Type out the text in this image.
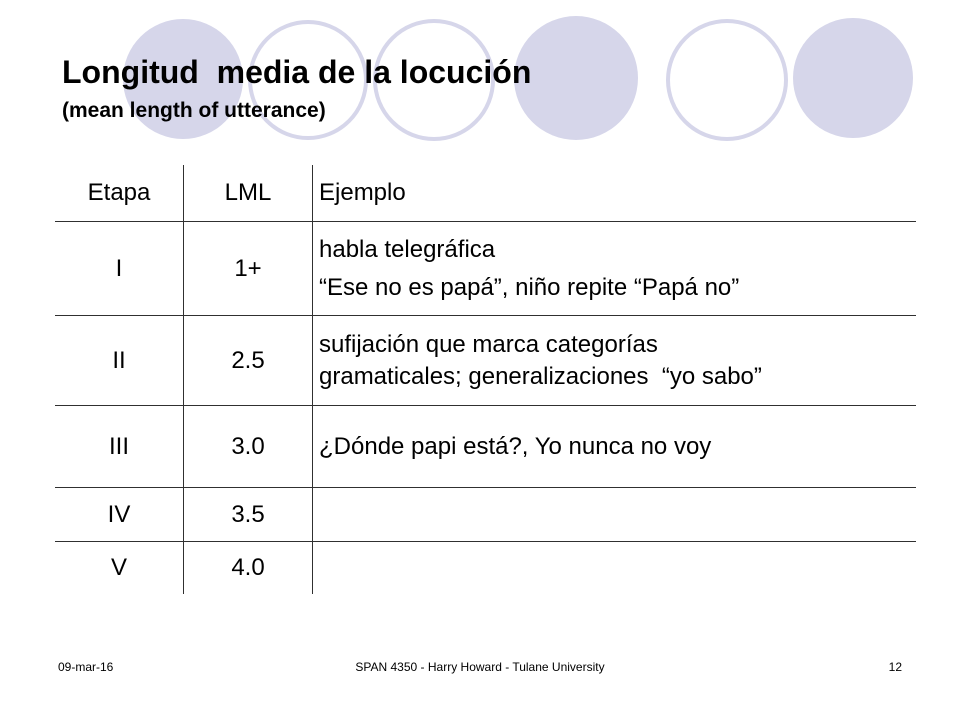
Longitud  media de la locución
(mean length of utterance)
Etapa	LML	Ejemplo
I	1+	habla telegráfica
“Ese no es papá”, niño repite “Papá no”

II	2.5	sufijación que marca categorías
gramaticales; generalizaciones  “yo sabo”

III	3.0	¿Dónde papi está?, Yo nunca no voy

IV	3.5	
V	4.0	
09-mar-16	SPAN 4350 - Harry Howard - Tulane University	12
